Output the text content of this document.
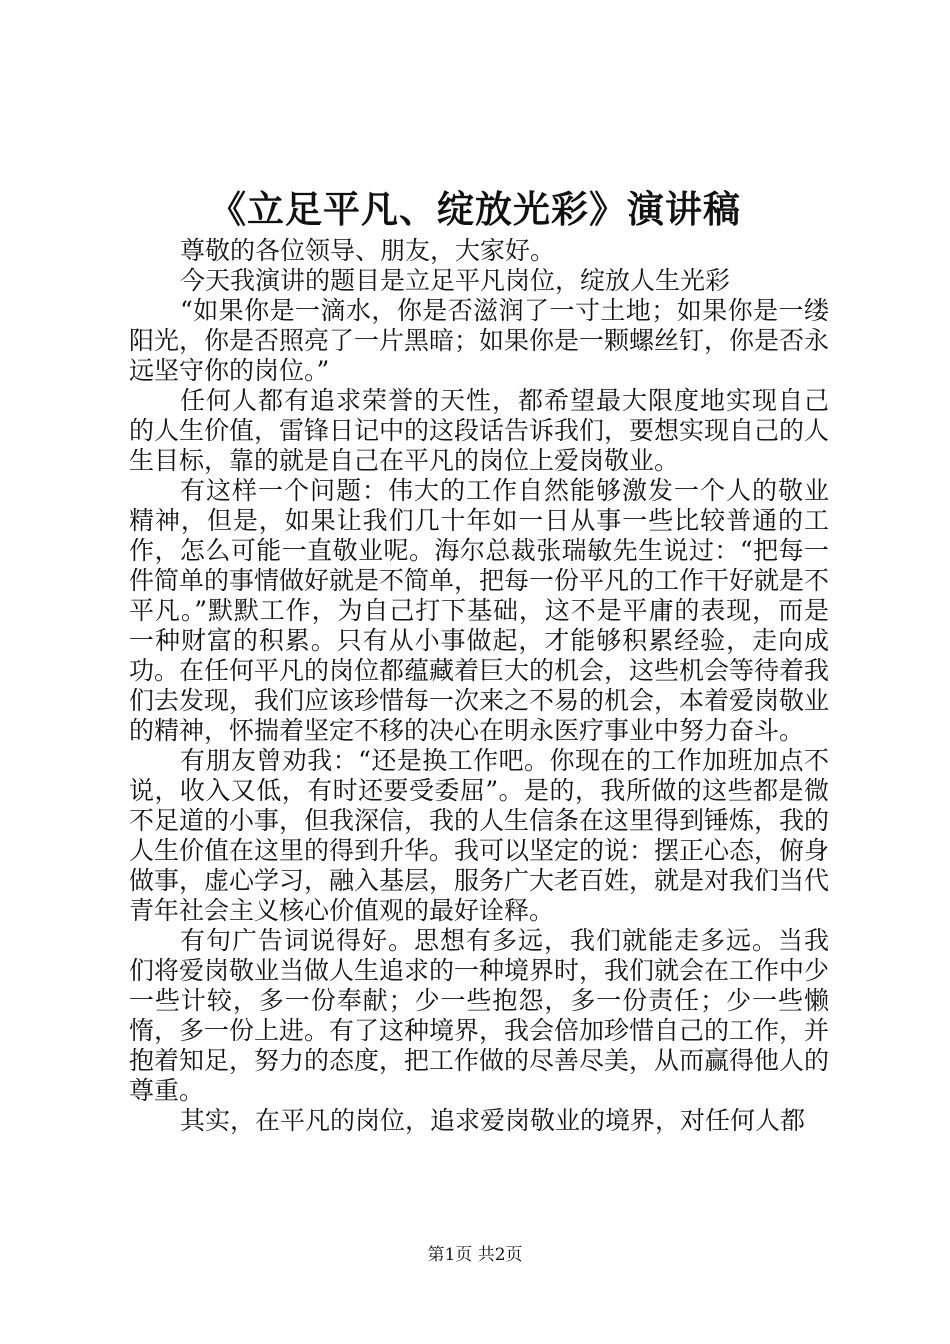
《立足平凡、绽放光彩》演讲稿

尊敬的各位领导、朋友，大家好。

今天我演讲的题目是立足平凡岗位，绽放人生光彩

“如果你是一滴水，你是否滋润了一寸土地；如果你是一缕阳光，你是否照亮了一片黑暗；如果你是一颗螺丝钉，你是否永远坚守你的岗位。”

任何人都有追求荣誉的天性，都希望最大限度地实现自己的人生价值，雷锋日记中的这段话告诉我们，要想实现自己的人生目标，靠的就是自己在平凡的岗位上爱岗敬业。

有这样一个问题：伟大的工作自然能够激发一个人的敬业精神，但是，如果让我们几十年如一日从事一些比较普通的工作，怎么可能一直敬业呢。海尔总裁张瑞敏先生说过：“把每一件简单的事情做好就是不简单，把每一份平凡的工作干好就是不平凡。”默默工作，为自己打下基础，这不是平庸的表现，而是一种财富的积累。只有从小事做起，才能够积累经验，走向成功。在任何平凡的岗位都蕴藏着巨大的机会，这些机会等待着我们去发现，我们应该珍惜每一次来之不易的机会，本着爱岗敬业的精神，怀揣着坚定不移的决心在明永医疗事业中努力奋斗。

有朋友曾劝我：“还是换工作吧。你现在的工作加班加点不说，收入又低，有时还要受委屈”。是的，我所做的这些都是微不足道的小事，但我深信，我的人生信条在这里得到锤炼，我的人生价值在这里的得到升华。我可以坚定的说：摆正心态，俯身做事，虚心学习，融入基层，服务广大老百姓，就是对我们当代青年社会主义核心价值观的最好诠释。

有句广告词说得好。思想有多远，我们就能走多远。当我们将爱岗敬业当做人生追求的一种境界时，我们就会在工作中少一些计较，多一份奉献；少一些抱怨，多一份责任；少一些懒惰，多一份上进。有了这种境界，我会倍加珍惜自己的工作，并抱着知足，努力的态度，把工作做的尽善尽美，从而赢得他人的尊重。

其实，在平凡的岗位，追求爱岗敬业的境界，对任何人都

第1页 共2页
